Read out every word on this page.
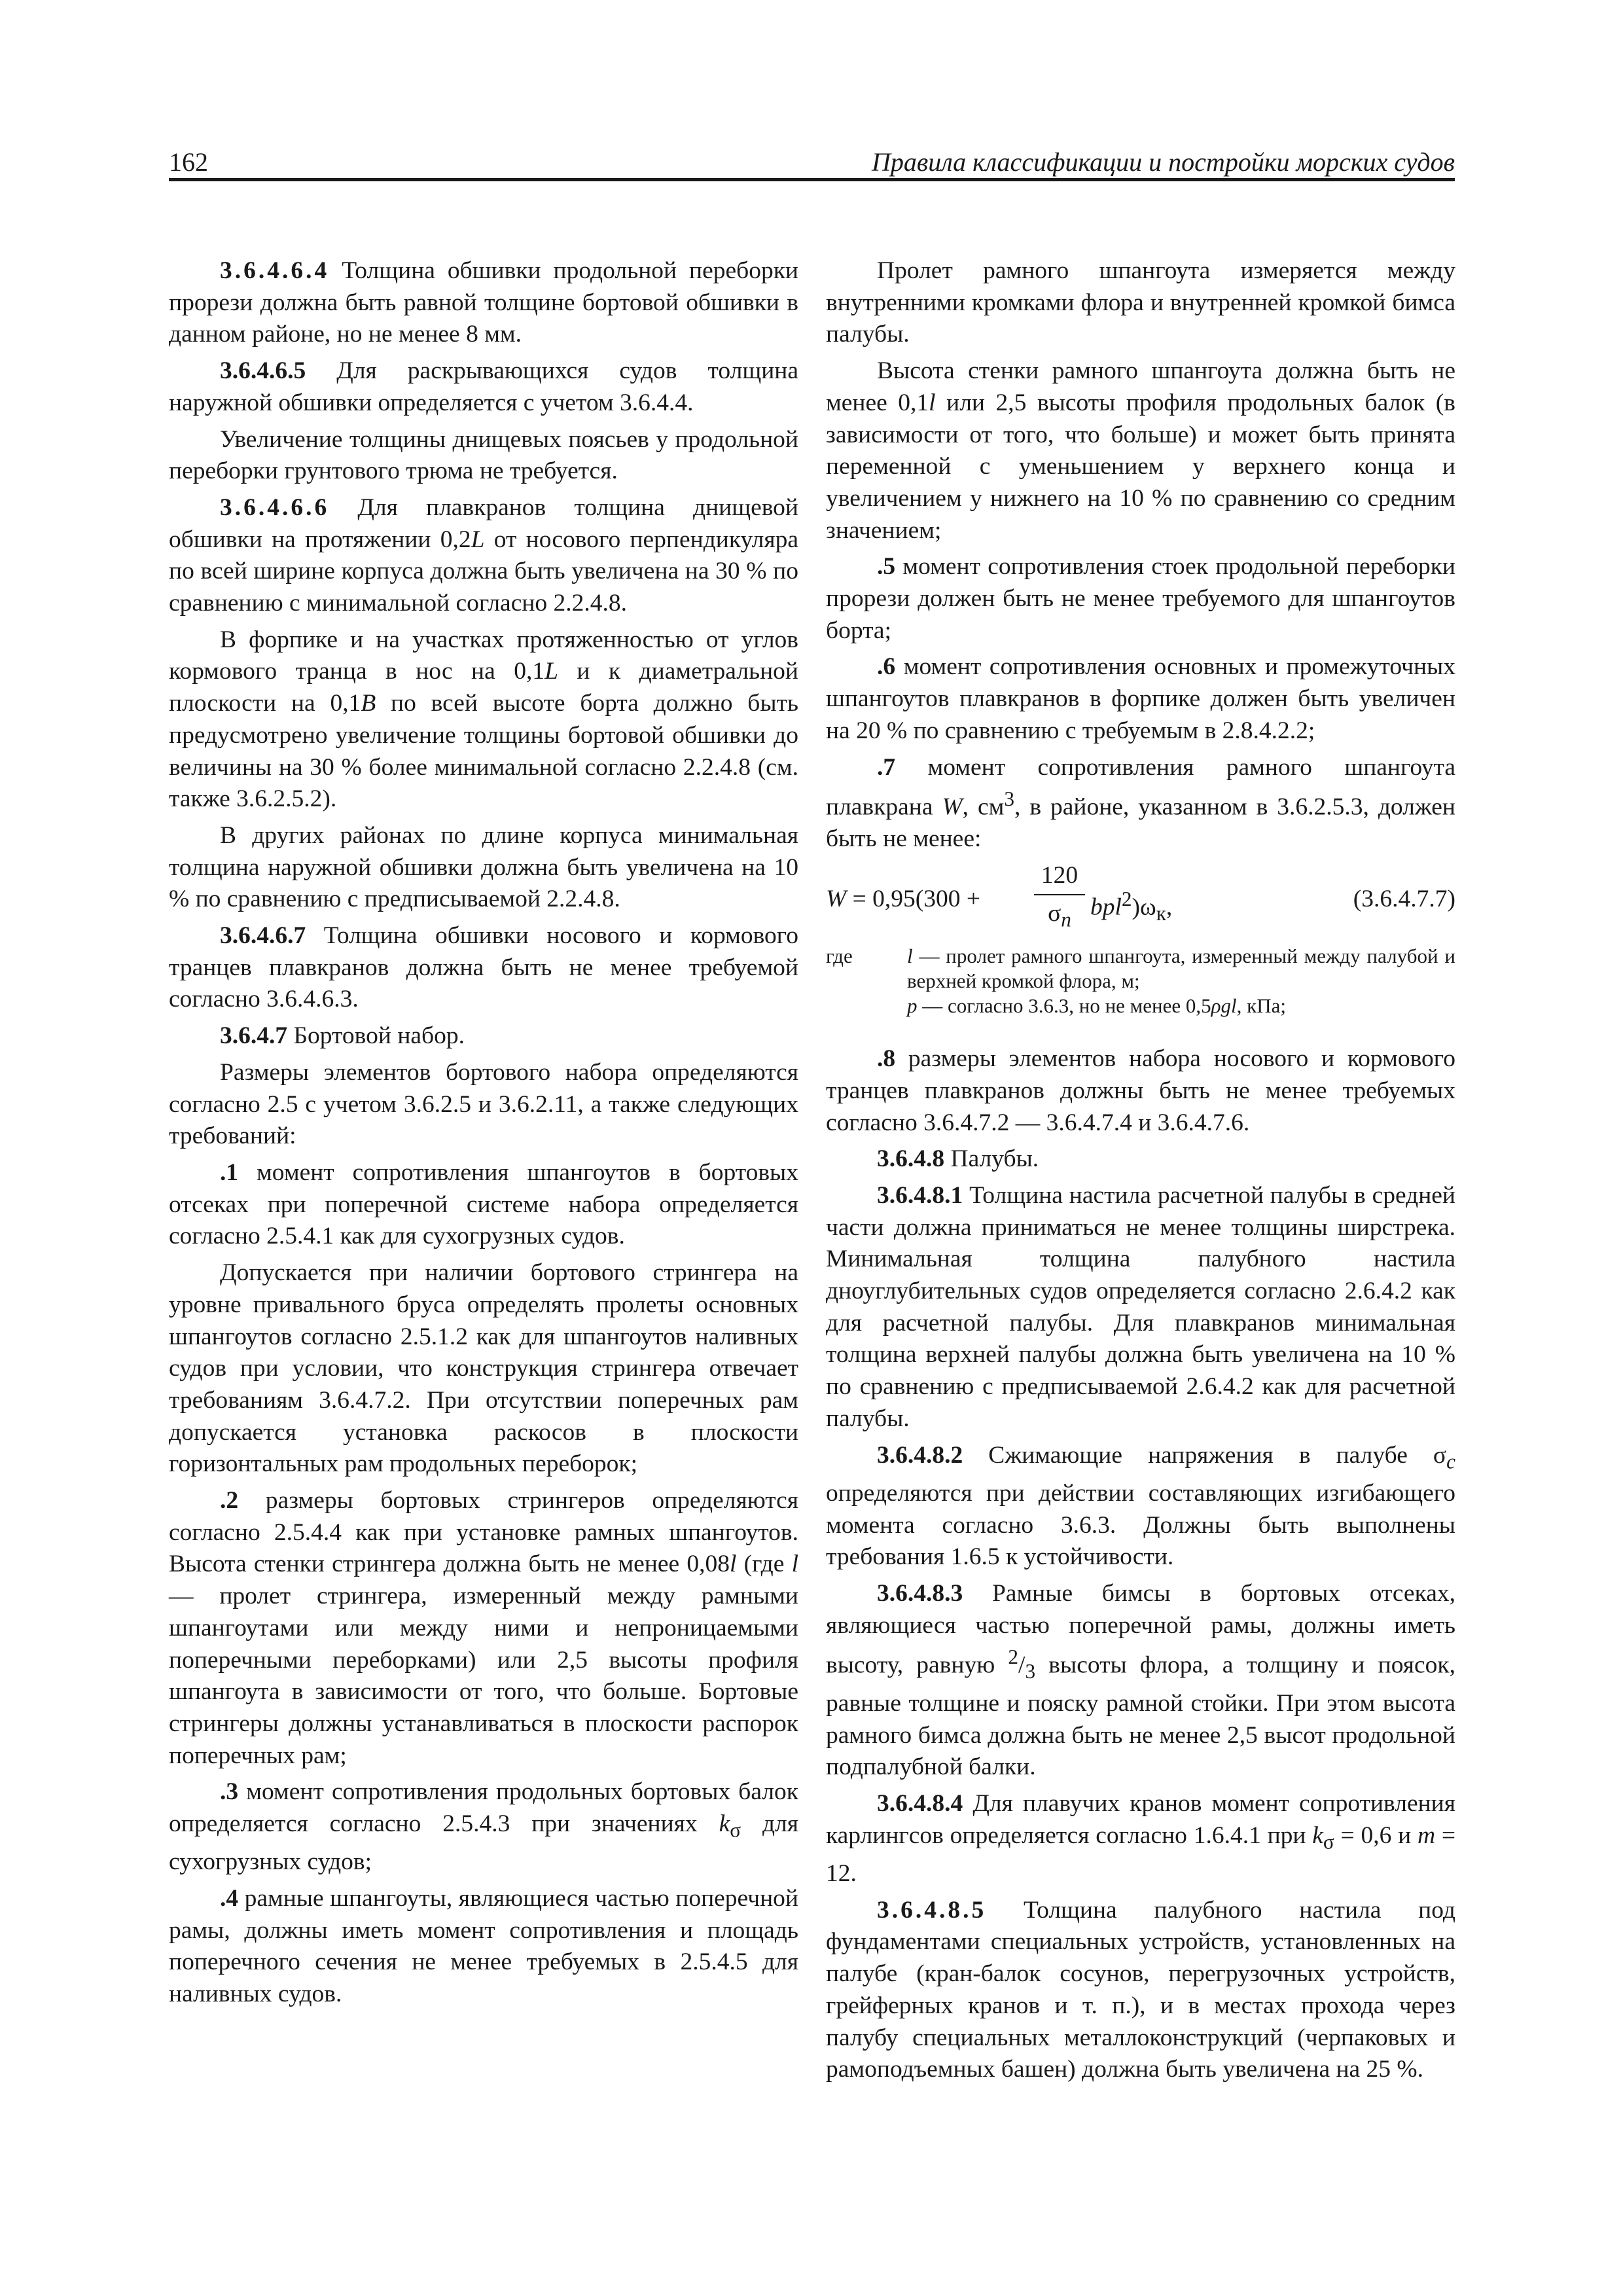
162	Правила классификации и постройки морских судов

3.6.4.6.4 Толщина обшивки продольной переборки прорези должна быть равной толщине бортовой обшивки в данном районе, но не менее 8 мм.

3.6.4.6.5 Для раскрывающихся судов толщина наружной обшивки определяется с учетом 3.6.4.4.

Увеличение толщины днищевых поясьев у продольной переборки грунтового трюма не требуется.

3.6.4.6.6 Для плавкранов толщина днищевой обшивки на протяжении 0,2L от носового перпендикуляра по всей ширине корпуса должна быть увеличена на 30 % по сравнению с минимальной согласно 2.2.4.8.

В форпике и на участках протяженностью от углов кормового транца в нос на 0,1L и к диаметральной плоскости на 0,1B по всей высоте борта должно быть предусмотрено увеличение толщины бортовой обшивки до величины на 30 % более минимальной согласно 2.2.4.8 (см. также 3.6.2.5.2).

В других районах по длине корпуса минимальная толщина наружной обшивки должна быть увеличена на 10 % по сравнению с предписываемой 2.2.4.8.

3.6.4.6.7 Толщина обшивки носового и кормового транцев плавкранов должна быть не менее требуемой согласно 3.6.4.6.3.

3.6.4.7 Бортовой набор.

Размеры элементов бортового набора определяются согласно 2.5 с учетом 3.6.2.5 и 3.6.2.11, а также следующих требований:

.1 момент сопротивления шпангоутов в бортовых отсеках при поперечной системе набора определяется согласно 2.5.4.1 как для сухогрузных судов.

Допускается при наличии бортового стрингера на уровне привального бруса определять пролеты основных шпангоутов согласно 2.5.1.2 как для шпангоутов наливных судов при условии, что конструкция стрингера отвечает требованиям 3.6.4.7.2. При отсутствии поперечных рам допускается установка раскосов в плоскости горизонтальных рам продольных переборок;

.2 размеры бортовых стрингеров определяются согласно 2.5.4.4 как при установке рамных шпангоутов. Высота стенки стрингера должна быть не менее 0,08l (где l — пролет стрингера, измеренный между рамными шпангоутами или между ними и непроницаемыми поперечными переборками) или 2,5 высоты профиля шпангоута в зависимости от того, что больше. Бортовые стрингеры должны устанавливаться в плоскости распорок поперечных рам;

.3 момент сопротивления продольных бортовых балок определяется согласно 2.5.4.3 при значениях $k_\sigma$ для сухогрузных судов;

.4 рамные шпангоуты, являющиеся частью поперечной рамы, должны иметь момент сопротивления и площадь поперечного сечения не менее требуемых в 2.5.4.5 для наливных судов.

Пролет рамного шпангоута измеряется между внутренними кромками флора и внутренней кромкой бимса палубы.

Высота стенки рамного шпангоута должна быть не менее 0,1l или 2,5 высоты профиля продольных балок (в зависимости от того, что больше) и может быть принята переменной с уменьшением у верхнего конца и увеличением у нижнего на 10 % по сравнению со средним значением;

.5 момент сопротивления стоек продольной переборки прорези должен быть не менее требуемого для шпангоутов борта;

.6 момент сопротивления основных и промежуточных шпангоутов плавкранов в форпике должен быть увеличен на 20 % по сравнению с требуемым в 2.8.4.2.2;

.7 момент сопротивления рамного шпангоута плавкрана W, $см^3$, в районе, указанном в 3.6.2.5.3, должен быть не менее:

W = 0,95(300 +
120
$\sigma_n$ $bpl^2)\omega_к$,	(3.6.4.7.7)
где	l — пролет рамного шпангоута, измеренный между палубой и верхней кромкой флора, м;
p — согласно 3.6.3, но не менее 0,5ρgl, кПа;

.8 размеры элементов набора носового и кормового транцев плавкранов должны быть не менее требуемых согласно 3.6.4.7.2 — 3.6.4.7.4 и 3.6.4.7.6.

3.6.4.8 Палубы.

3.6.4.8.1 Толщина настила расчетной палубы в средней части должна приниматься не менее толщины ширстрека. Минимальная толщина палубного настила дноуглубительных судов определяется согласно 2.6.4.2 как для расчетной палубы. Для плавкранов минимальная толщина верхней палубы должна быть увеличена на 10 % по сравнению с предписываемой 2.6.4.2 как для расчетной палубы.

3.6.4.8.2 Сжимающие напряжения в палубе $\sigma_с$ определяются при действии составляющих изгибающего момента согласно 3.6.3. Должны быть выполнены требования 1.6.5 к устойчивости.

3.6.4.8.3 Рамные бимсы в бортовых отсеках, являющиеся частью поперечной рамы, должны иметь высоту, равную $^2/_3$ высоты флора, а толщину и поясок, равные толщине и пояску рамной стойки. При этом высота рамного бимса должна быть не менее 2,5 высот продольной подпалубной балки.

3.6.4.8.4 Для плавучих кранов момент сопротивления карлингсов определяется согласно 1.6.4.1 при $k_\sigma = 0,6$ и m = 12.

3.6.4.8.5 Толщина палубного настила под фундаментами специальных устройств, установленных на палубе (кран-балок сосунов, перегрузочных устройств, грейферных кранов и т. п.), и в местах прохода через палубу специальных металлоконструкций (черпаковых и рамоподъемных башен) должна быть увеличена на 25 %.
